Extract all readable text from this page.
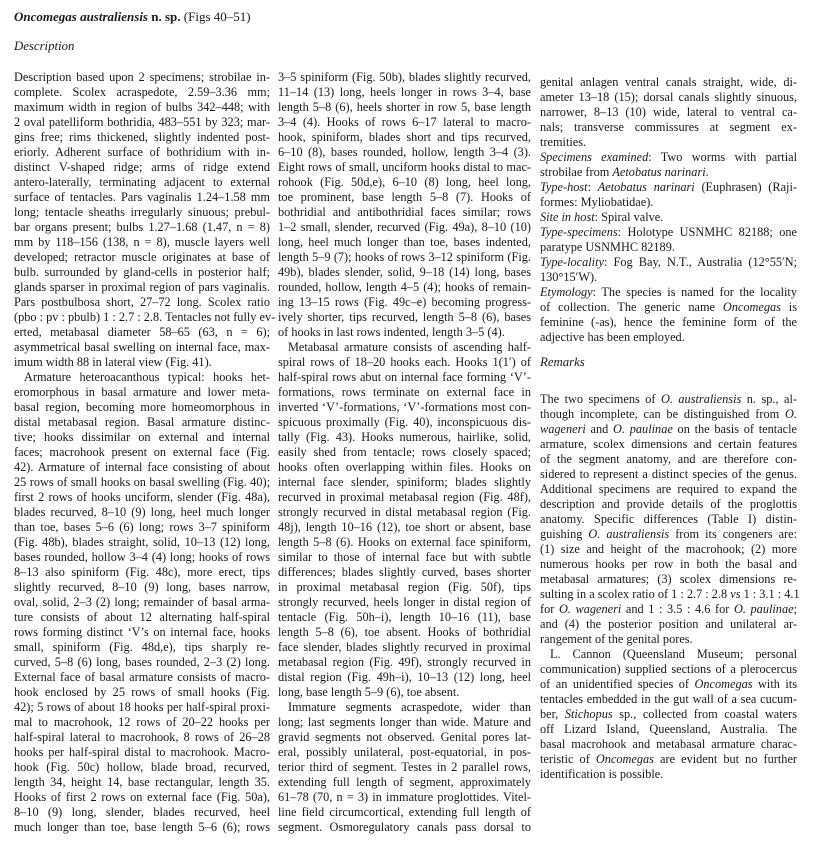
Oncomegas australiensis n. sp. (Figs 40–51)
Description
Description based upon 2 specimens; strobilae in-
complete. Scolex acraspedote, 2.59–3.36 mm;
maximum width in region of bulbs 342–448; with
2 oval patelliform bothridia, 483–551 by 323; mar-
gins free; rims thickened, slightly indented post-
eriorly. Adherent surface of bothridium with in-
distinct V-shaped ridge; arms of ridge extend
antero-laterally, terminating adjacent to external
surface of tentacles. Pars vaginalis 1.24–1.58 mm
long; tentacle sheaths irregularly sinuous; prebul-
bar organs present; bulbs 1.27–1.68 (1.47, n = 8)
mm by 118–156 (138, n = 8), muscle layers well
developed; retractor muscle originates at base of
bulb. surrounded by gland-cells in posterior half;
glands sparser in proximal region of pars vaginalis.
Pars postbulbosa short, 27–72 long. Scolex ratio
(pbo : pv : pbulb) 1 : 2.7 : 2.8. Tentacles not fully ev-
erted, metabasal diameter 58–65 (63, n = 6);
asymmetrical basal swelling on internal face, max-
imum width 88 in lateral view (Fig. 41).
Armature heteroacanthous typical: hooks het-
eromorphous in basal armature and lower meta-
basal region, becoming more homeomorphous in
distal metabasal region. Basal armature distinc-
tive; hooks dissimilar on external and internal
faces; macrohook present on external face (Fig.
42). Armature of internal face consisting of about
25 rows of small hooks on basal swelling (Fig. 40);
first 2 rows of hooks unciform, slender (Fig. 48a),
blades recurved, 8–10 (9) long, heel much longer
than toe, bases 5–6 (6) long; rows 3–7 spiniform
(Fig. 48b), blades straight, solid, 10–13 (12) long,
bases rounded, hollow 3–4 (4) long; hooks of rows
8–13 also spiniform (Fig. 48c), more erect, tips
slightly recurved, 8–10 (9) long, bases narrow,
oval, solid, 2–3 (2) long; remainder of basal arma-
ture consists of about 12 alternating half-spiral
rows forming distinct ‘V’s on internal face, hooks
small, spiniform (Fig. 48d,e), tips sharply re-
curved, 5–8 (6) long, bases rounded, 2–3 (2) long.
External face of basal armature consists of macro-
hook enclosed by 25 rows of small hooks (Fig.
42); 5 rows of about 18 hooks per half-spiral proxi-
mal to macrohook, 12 rows of 20–22 hooks per
half-spiral lateral to macrohook, 8 rows of 26–28
hooks per half-spiral distal to macrohook. Macro-
hook (Fig. 50c) hollow, blade broad, recurved,
length 34, height 14, base rectangular, length 35.
Hooks of first 2 rows on external face (Fig. 50a),
8–10 (9) long, slender, blades recurved, heel
much longer than toe, base length 5–6 (6); rows
3–5 spiniform (Fig. 50b), blades slightly recurved,
11–14 (13) long, heels longer in rows 3–4, base
length 5–8 (6), heels shorter in row 5, base length
3–4 (4). Hooks of rows 6–17 lateral to macro-
hook, spiniform, blades short and tips recurved,
6–10 (8), bases rounded, hollow, length 3–4 (3).
Eight rows of small, unciform hooks distal to mac-
rohook (Fig. 50d,e), 6–10 (8) long, heel long,
toe prominent, base length 5–8 (7). Hooks of
bothridial and antibothridial faces similar; rows
1–2 small, slender, recurved (Fig. 49a), 8–10 (10)
long, heel much longer than toe, bases indented,
length 5–9 (7); hooks of rows 3–12 spiniform (Fig.
49b), blades slender, solid, 9–18 (14) long, bases
rounded, hollow, length 4–5 (4); hooks of remain-
ing 13–15 rows (Fig. 49c–e) becoming progress-
ively shorter, tips recurved, length 5–8 (6), bases
of hooks in last rows indented, length 3–5 (4).
Metabasal armature consists of ascending half-
spiral rows of 18–20 hooks each. Hooks 1(1′) of
half-spiral rows abut on internal face forming ‘V’-
formations, rows terminate on external face in
inverted ‘V’-formations, ‘V’-formations most con-
spicuous proximally (Fig. 40), inconspicuous dis-
tally (Fig. 43). Hooks numerous, hairlike, solid,
easily shed from tentacle; rows closely spaced;
hooks often overlapping within files. Hooks on
internal face slender, spiniform; blades slightly
recurved in proximal metabasal region (Fig. 48f),
strongly recurved in distal metabasal region (Fig.
48j), length 10–16 (12), toe short or absent, base
length 5–8 (6). Hooks on external face spiniform,
similar to those of internal face but with subtle
differences; blades slightly curved, bases shorter
in proximal metabasal region (Fig. 50f), tips
strongly recurved, heels longer in distal region of
tentacle (Fig. 50h–i), length 10–16 (11), base
length 5–8 (6), toe absent. Hooks of bothridial
face slender, blades slightly recurved in proximal
metabasal region (Fig. 49f), strongly recurved in
distal region (Fig. 49h–i), 10–13 (12) long, heel
long, base length 5–9 (6), toe absent.
Immature segments acraspedote, wider than
long; last segments longer than wide. Mature and
gravid segments not observed. Genital pores lat-
eral, possibly unilateral, post-equatorial, in pos-
terior third of segment. Testes in 2 parallel rows,
extending full length of segment, approximately
61–78 (70, n = 3) in immature proglottides. Vitel-
line field circumcortical, extending full length of
segment. Osmoregulatory canals pass dorsal to
genital anlagen ventral canals straight, wide, di-
ameter 13–18 (15); dorsal canals slightly sinuous,
narrower, 8–13 (10) wide, lateral to ventral ca-
nals; transverse commissures at segment ex-
tremities.
Specimens examined: Two worms with partial
strobilae from Aetobatus narinari.
Type-host: Aetobatus narinari (Euphrasen) (Raji-
formes: Myliobatidae).
Site in host: Spiral valve.
Type-specimens: Holotype USNMHC 82188; one
paratype USNMHC 82189.
Type-locality: Fog Bay, N.T., Australia (12°55′N;
130°15′W).
Etymology: The species is named for the locality
of collection. The generic name Oncomegas is
feminine (-as), hence the feminine form of the
adjective has been employed.
Remarks
The two specimens of O. australiensis n. sp., al-
though incomplete, can be distinguished from O.
wageneri and O. paulinae on the basis of tentacle
armature, scolex dimensions and certain features
of the segment anatomy, and are therefore con-
sidered to represent a distinct species of the genus.
Additional specimens are required to expand the
description and provide details of the proglottis
anatomy. Specific differences (Table I) distin-
guishing O. australiensis from its congeners are:
(1) size and height of the macrohook; (2) more
numerous hooks per row in both the basal and
metabasal armatures; (3) scolex dimensions re-
sulting in a scolex ratio of 1 : 2.7 : 2.8 vs 1 : 3.1 : 4.1
for O. wageneri and 1 : 3.5 : 4.6 for O. paulinae;
and (4) the posterior position and unilateral ar-
rangement of the genital pores.
L. Cannon (Queensland Museum; personal
communication) supplied sections of a plerocercus
of an unidentified species of Oncomegas with its
tentacles embedded in the gut wall of a sea cucum-
ber, Stichopus sp., collected from coastal waters
off Lizard Island, Queensland, Australia. The
basal macrohook and metabasal armature charac-
teristic of Oncomegas are evident but no further
identification is possible.
